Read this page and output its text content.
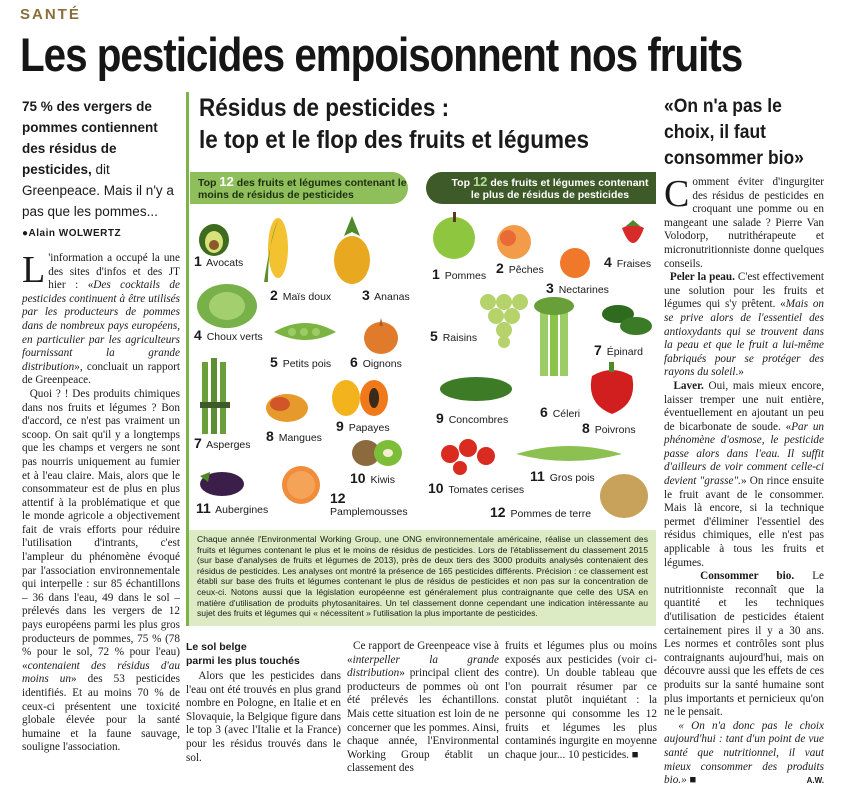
SANTÉ
Les pesticides empoisonnent nos fruits
75 % des vergers de pommes contiennent des résidus de pesticides, dit Greenpeace. Mais il n'y a pas que les pommes...
●Alain WOLWERTZ
L 'information a occupé la une des sites d'infos et des JT hier : «Des cocktails de pesticides continuent à être utilisés par les producteurs de pommes dans de nombreux pays européens, en particulier par les agriculteurs fournissant la grande distribution», concluait un rapport de Greenpeace.
Quoi ? ! Des produits chimiques dans nos fruits et légumes ? Bon d'accord, ce n'est pas vraiment un scoop. On sait qu'il y a longtemps que les champs et vergers ne sont pas nourris uniquement au fumier et à l'eau claire. Mais, alors que le consommateur est de plus en plus attentif à la problématique et que le monde agricole a objectivement fait de vrais efforts pour réduire l'utilisation d'intrants, c'est l'ampleur du phénomène évoqué par l'association environnementale qui interpelle : sur 85 échantillons – 36 dans l'eau, 49 dans le sol – prélevés dans les vergers de 12 pays européens parmi les plus gros producteurs de pommes, 75 % (78 % pour le sol, 72 % pour l'eau) «contenaient des résidus d'au moins un» des 53 pesticides identifiés. Et au moins 70 % de ceux-ci présentent une toxicité globale élevée pour la santé humaine et la faune sauvage, souligne l'association.
Résidus de pesticides :
le top et le flop des fruits et légumes
Top 12 des fruits et légumes contenant le moins de résidus de pesticides
Top 12 des fruits et légumes contenant le plus de résidus de pesticides
1 Avocats
2 Maïs doux 3 Ananas
4 Choux verts
5 Petits pois 6 Oignons
7 Asperges
8 Mangues
9 Papayes
10 Kiwis
11 Aubergines
12
Pamplemousses
1 Pommes 2 Pêches
3 Nectarines
4 Fraises
5 Raisins
6 Céleri
7 Épinard
8 Poivrons
9 Concombres
10 Tomates cerises
11 Gros pois
12 Pommes de terre
Chaque année l'Environmental Working Group, une ONG environnementale américaine, réalise un classement des fruits et légumes contenant le plus et le moins de résidus de pesticides. Lors de l'établissement du classement 2015 (sur base d'analyses de fruits et légumes de 2013), près de deux tiers des 3000 produits analysés contenaient des résidus de pesticides. Les analyses ont montré la présence de 165 pesticides différents. Précision : ce classement est établi sur base des fruits et légumes contenant le plus de résidus de pesticides et non pas sur la concentration de ceux-ci. Notons aussi que la législation européenne est généralement plus contraignante que celle des USA en matière d'utilisation de produits phytosanitaires. Un tel classement donne cependant une indication intéressante au sujet des fruits et légumes qui « nécessitent » l'utilisation la plus importante de pesticides.
Le sol belge
parmi les plus touchés
Alors que les pesticides dans l'eau ont été trouvés en plus grand nombre en Pologne, en Italie et en Slovaquie, la Belgique figure dans le top 3 (avec l'Italie et la France) pour les résidus trouvés dans le sol.
Ce rapport de Greenpeace vise à «interpeller la grande distribution» principal client des producteurs de pommes où ont été prélevés les échantillons. Mais cette situation est loin de ne concerner que les pommes. Ainsi, chaque année, l'Environmental Working Group établit un classement des
fruits et légumes plus ou moins exposés aux pesticides (voir ci-contre). Un double tableau que l'on pourrait résumer par ce constat plutôt inquiétant : la personne qui consomme les 12 fruits et légumes les plus contaminés ingurgite en moyenne chaque jour... 10 pesticides. ■
«On n'a pas le choix, il faut consommer bio»
Comment éviter d'ingurgiter des résidus de pesticides en croquant une pomme ou en mangeant une salade ? Pierre Van Volodorp, nutrithérapeute et micronutritionniste donne quelques conseils.
Peler la peau. C'est effectivement une solution pour les fruits et légumes qui s'y prêtent. «Mais on se prive alors de l'essentiel des antioxydants qui se trouvent dans la peau et que le fruit a lui-même fabriqués pour se protéger des rayons du soleil.»
Laver. Oui, mais mieux encore, laisser tremper une nuit entière, éventuellement en ajoutant un peu de bicarbonate de soude. «Par un phénomène d'osmose, le pesticide passe alors dans l'eau. Il suffit d'ailleurs de voir comment celle-ci devient "grasse".» On rince ensuite le fruit avant de le consommer. Mais là encore, si la technique permet d'éliminer l'essentiel des résidus chimiques, elle n'est pas applicable à tous les fruits et légumes.
Consommer bio. Le nutritionniste reconnaît que la quantité et les techniques d'utilisation de pesticides étaient certainement pires il y a 30 ans. Les normes et contrôles sont plus contraignants aujourd'hui, mais on découvre aussi que les effets de ces produits sur la santé humaine sont plus importants et pernicieux qu'on ne le pensait.
« On n'a donc pas le choix aujourd'hui : tant d'un point de vue santé que nutritionnel, il vaut mieux consommer des produits bio.» ■	A.W.
